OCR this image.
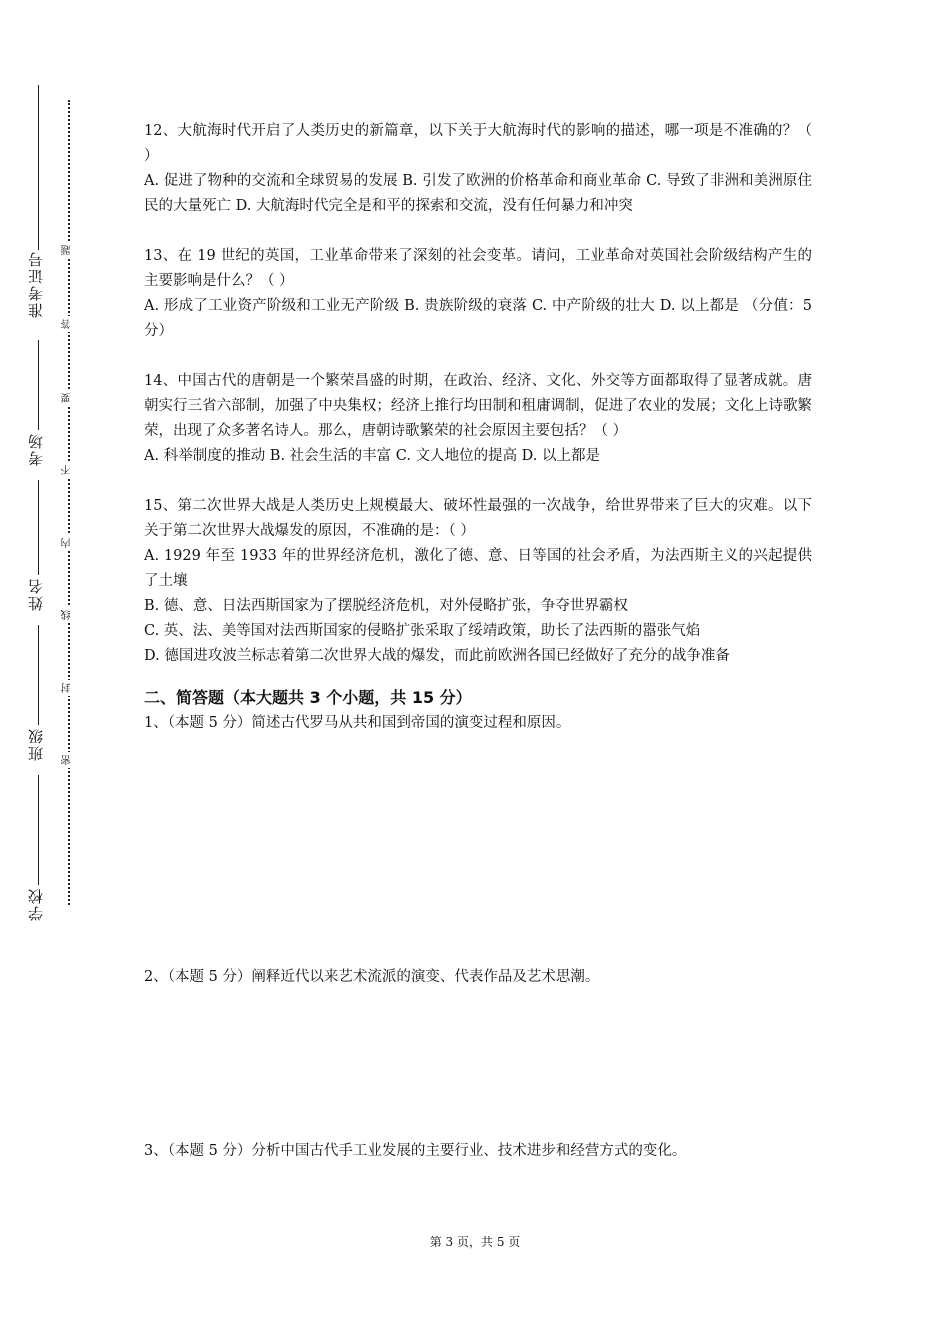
准考证号
考场
姓名
班级
学校
题
答
要
不
内
线
封
密
12、大航海时代开启了人类历史的新篇章，以下关于大航海时代的影响的描述，哪一项是不准确的？（ ）
A. 促进了物种的交流和全球贸易的发展 B. 引发了欧洲的价格革命和商业革命 C. 导致了非洲和美洲原住民的大量死亡 D. 大航海时代完全是和平的探索和交流，没有任何暴力和冲突
13、在 19 世纪的英国，工业革命带来了深刻的社会变革。请问，工业革命对英国社会阶级结构产生的主要影响是什么？（ ）
A. 形成了工业资产阶级和工业无产阶级 B. 贵族阶级的衰落 C. 中产阶级的壮大 D. 以上都是 （分值：5 分）
14、中国古代的唐朝是一个繁荣昌盛的时期，在政治、经济、文化、外交等方面都取得了显著成就。唐朝实行三省六部制，加强了中央集权；经济上推行均田制和租庸调制，促进了农业的发展；文化上诗歌繁荣，出现了众多著名诗人。那么，唐朝诗歌繁荣的社会原因主要包括？（ ）
A. 科举制度的推动 B. 社会生活的丰富 C. 文人地位的提高 D. 以上都是
15、第二次世界大战是人类历史上规模最大、破坏性最强的一次战争，给世界带来了巨大的灾难。以下关于第二次世界大战爆发的原因，不准确的是：（ ）
A. 1929 年至 1933 年的世界经济危机，激化了德、意、日等国的社会矛盾，为法西斯主义的兴起提供了土壤
B. 德、意、日法西斯国家为了摆脱经济危机，对外侵略扩张，争夺世界霸权
C. 英、法、美等国对法西斯国家的侵略扩张采取了绥靖政策，助长了法西斯的嚣张气焰
D. 德国进攻波兰标志着第二次世界大战的爆发，而此前欧洲各国已经做好了充分的战争准备
二、简答题（本大题共 3 个小题，共 15 分）
1、（本题 5 分）简述古代罗马从共和国到帝国的演变过程和原因。
2、（本题 5 分）阐释近代以来艺术流派的演变、代表作品及艺术思潮。
3、（本题 5 分）分析中国古代手工业发展的主要行业、技术进步和经营方式的变化。
第 3 页，共 5 页
